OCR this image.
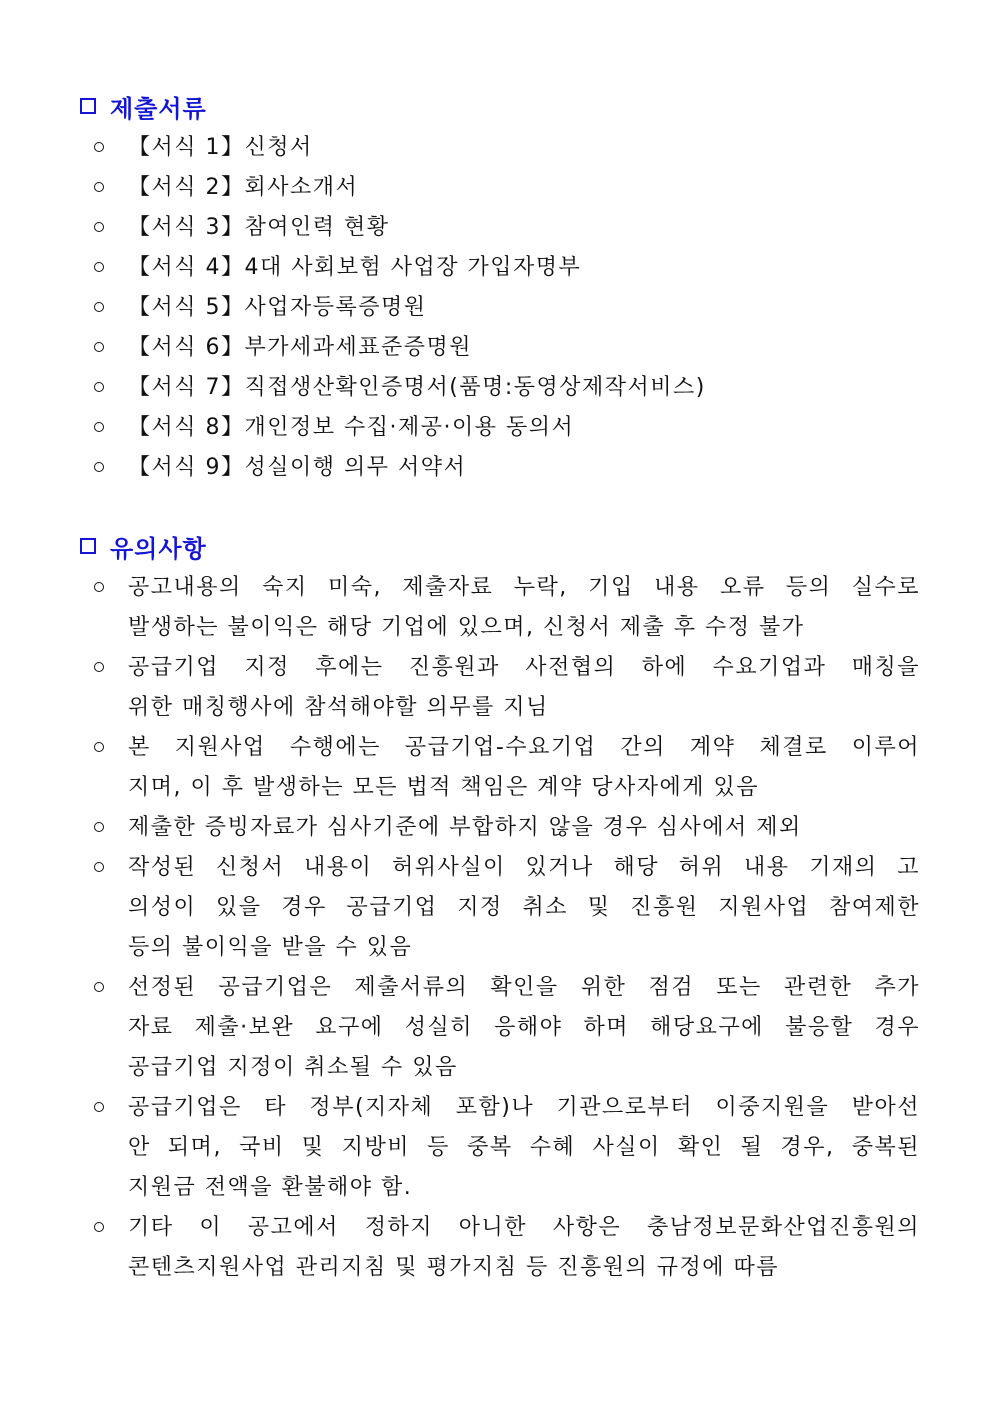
제출서류
【서식 1】신청서
【서식 2】회사소개서
【서식 3】참여인력 현황
【서식 4】4대 사회보험 사업장 가입자명부
【서식 5】사업자등록증명원
【서식 6】부가세과세표준증명원
【서식 7】직접생산확인증명서(품명:동영상제작서비스)
【서식 8】개인정보 수집·제공·이용 동의서
【서식 9】성실이행 의무 서약서
유의사항
공고내용의 숙지 미숙, 제출자료 누락, 기입 내용 오류 등의 실수로
발생하는 불이익은 해당 기업에 있으며, 신청서 제출 후 수정 불가
공급기업 지정 후에는 진흥원과 사전협의 하에 수요기업과 매칭을
위한 매칭행사에 참석해야할 의무를 지님
본 지원사업 수행에는 공급기업-수요기업 간의 계약 체결로 이루어
지며, 이 후 발생하는 모든 법적 책임은 계약 당사자에게 있음
제출한 증빙자료가 심사기준에 부합하지 않을 경우 심사에서 제외
작성된 신청서 내용이 허위사실이 있거나 해당 허위 내용 기재의 고
의성이 있을 경우 공급기업 지정 취소 및 진흥원 지원사업 참여제한
등의 불이익을 받을 수 있음
선정된 공급기업은 제출서류의 확인을 위한 점검 또는 관련한 추가
자료 제출·보완 요구에 성실히 응해야 하며 해당요구에 불응할 경우
공급기업 지정이 취소될 수 있음
공급기업은 타 정부(지자체 포함)나 기관으로부터 이중지원을 받아선
안 되며, 국비 및 지방비 등 중복 수혜 사실이 확인 될 경우, 중복된
지원금 전액을 환불해야 함.
기타 이 공고에서 정하지 아니한 사항은 충남정보문화산업진흥원의
콘텐츠지원사업 관리지침 및 평가지침 등 진흥원의 규정에 따름
